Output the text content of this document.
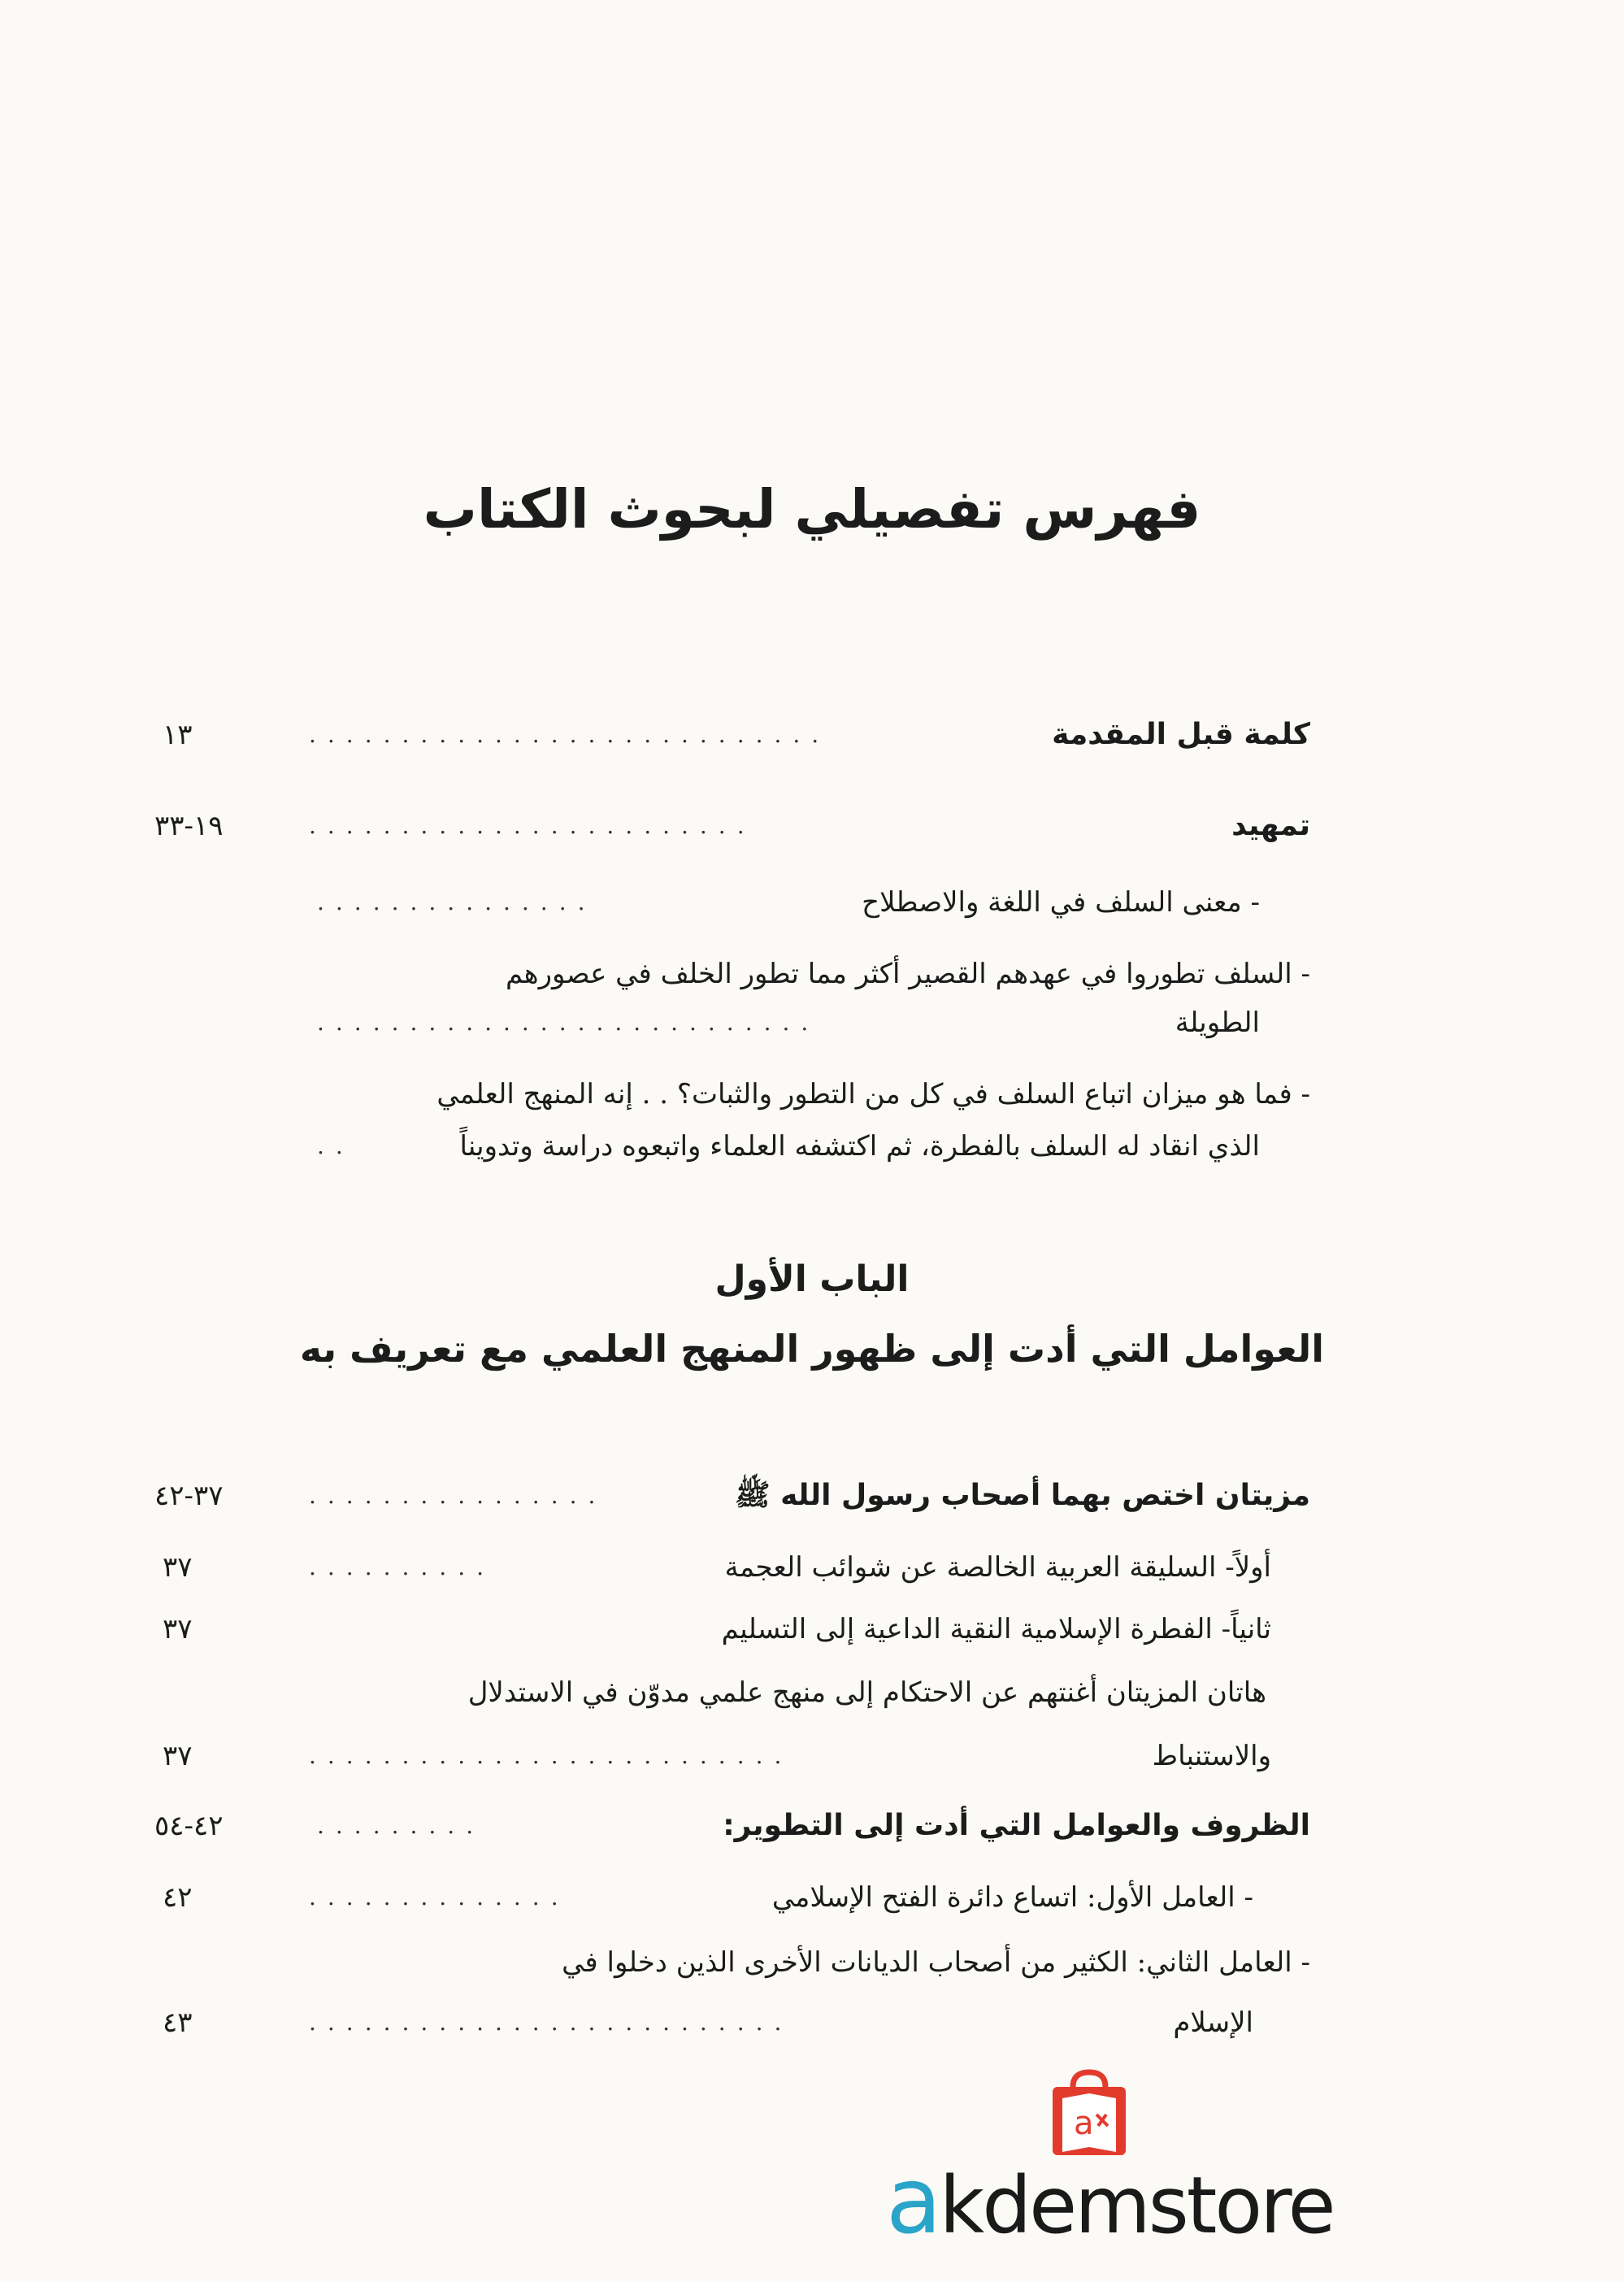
فهرس تفصيلي لبحوث الكتاب
كلمة قبل المقدمة
............................
١٣
تمهيد
........................
١٩-٣٣
- معنى السلف في اللغة والاصطلاح
...............
- السلف تطوروا في عهدهم القصير أكثر مما تطور الخلف في عصورهم
الطويلة
...........................
- فما هو ميزان اتباع السلف في كل من التطور والثبات؟ . . إنه المنهج العلمي
الذي انقاد له السلف بالفطرة، ثم اكتشفه العلماء واتبعوه دراسة وتدويناً
..
الباب الأول
العوامل التي أدت إلى ظهور المنهج العلمي مع تعريف به
مزيتان اختص بهما أصحاب رسول الله ﷺ
................
٣٧-٤٢
أولاً- السليقة العربية الخالصة عن شوائب العجمة
..........
٣٧
ثانياً- الفطرة الإسلامية النقية الداعية إلى التسليم
٣٧
هاتان المزيتان أغنتهم عن الاحتكام إلى منهج علمي مدوّن في الاستدلال
والاستنباط
..........................
٣٧
الظروف والعوامل التي أدت إلى التطوير:
.........
٤٢-٥٤
- العامل الأول: اتساع دائرة الفتح الإسلامي
..............
٤٢
- العامل الثاني: الكثير من أصحاب الديانات الأخرى الذين دخلوا في
الإسلام
..........................
٤٣
a
akdemstore
